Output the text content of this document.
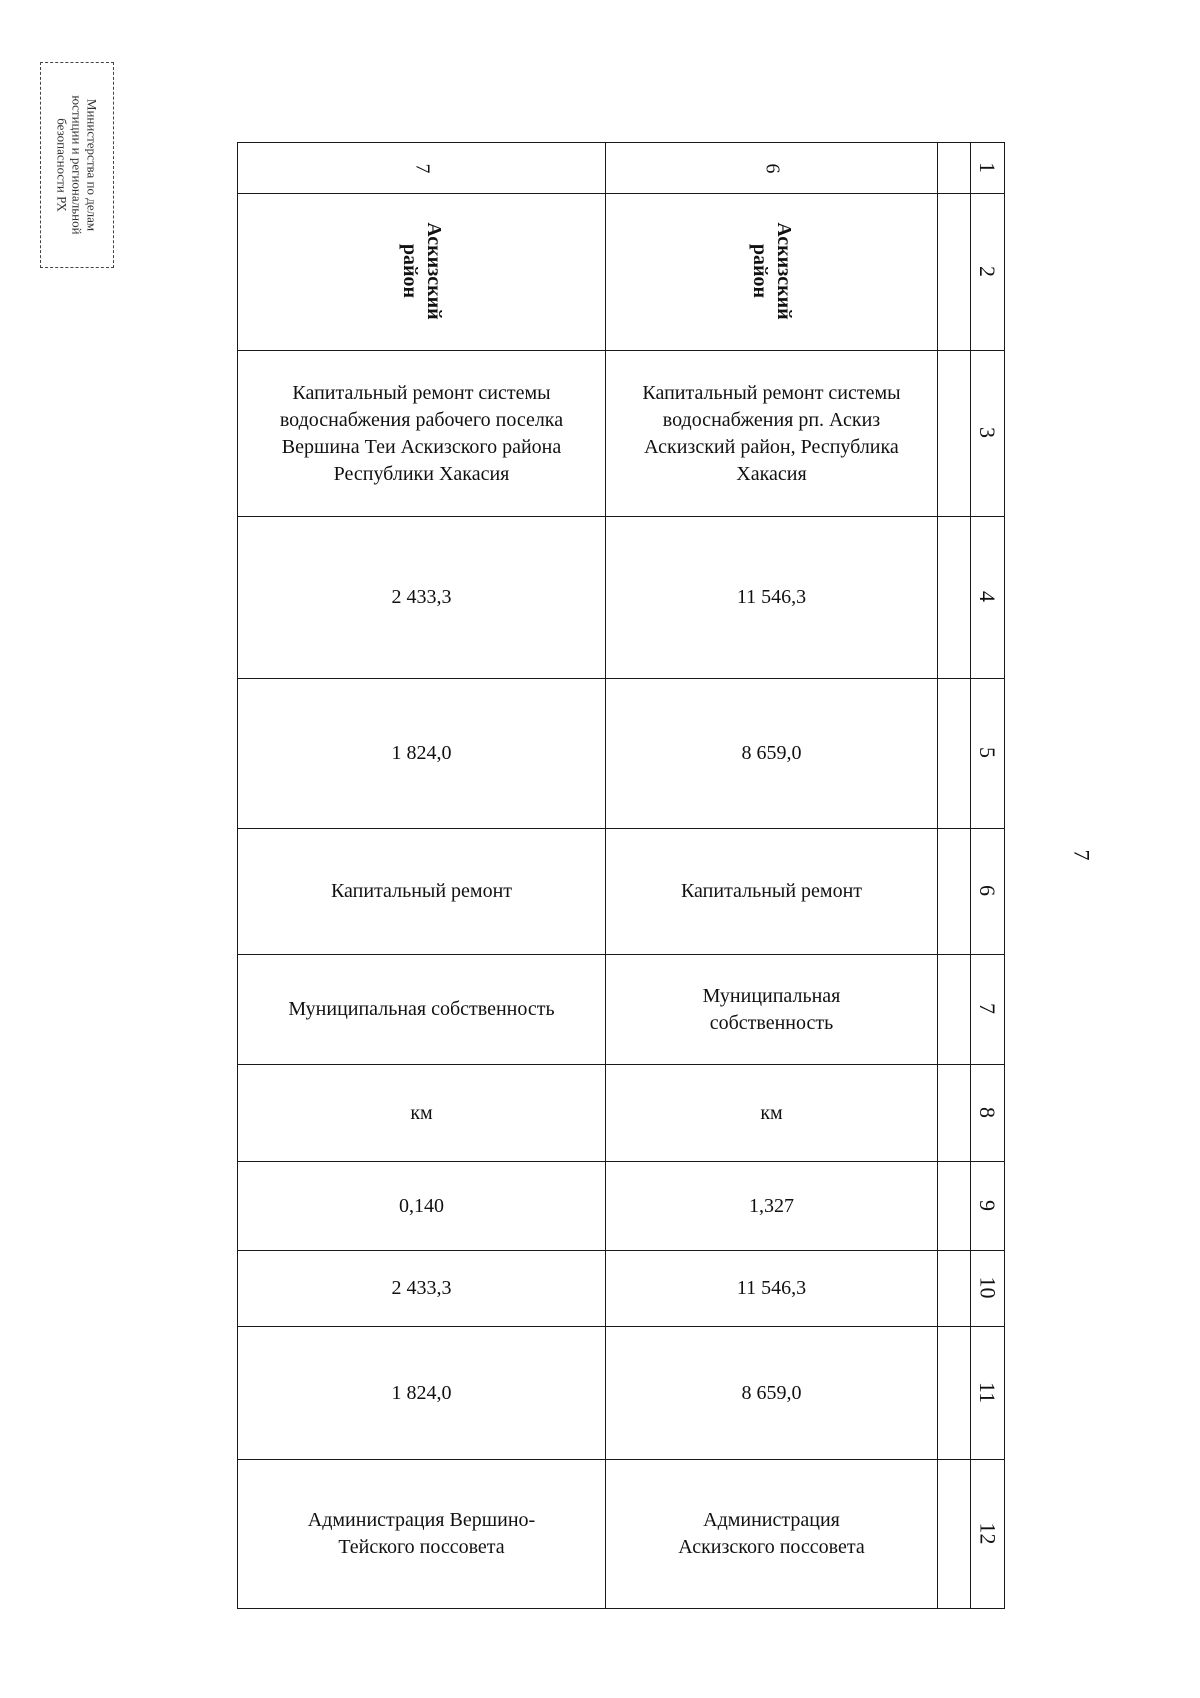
Министерства по делам
юстиции и региональной
безопасности РХ
7
7	6		1
Аскизский район	Аскизский район		2
Капитальный ремонт системы водоснабжения рабочего поселка Вершина Теи Аскизского района Республики Хакасия	Капитальный ремонт системы водоснабжения рп. Аскиз Аскизский район, Республика Хакасия		3
2 433,3	11 546,3		4
1 824,0	8 659,0		5
Капитальный ремонт	Капитальный ремонт		6
Муниципальная собственность	Муниципальная собственность		7
км	км		8
0,140	1,327		9
2 433,3	11 546,3		10
1 824,0	8 659,0		11
Администрация Вершино-Тейского поссовета	Администрация Аскизского поссовета		12
